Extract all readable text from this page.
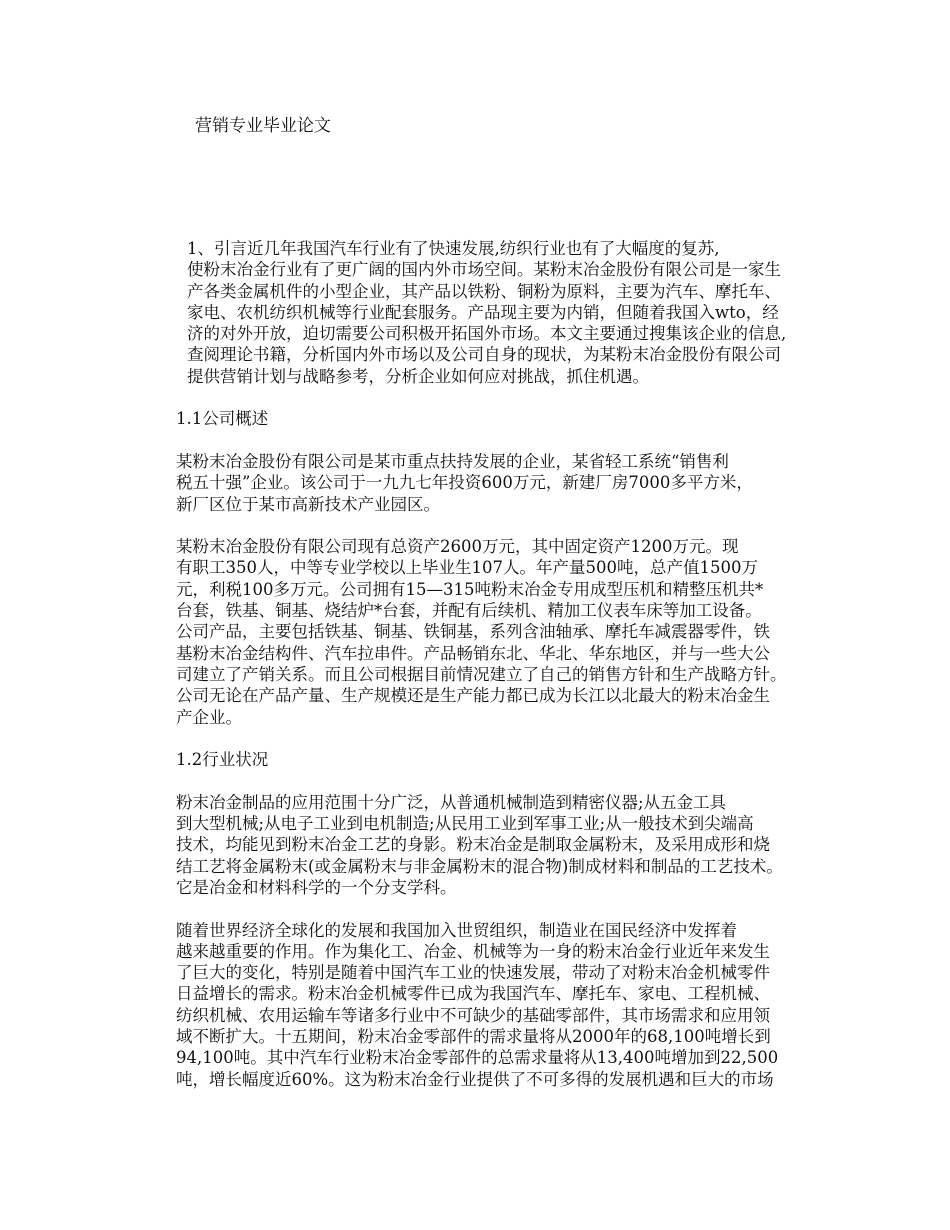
营销专业毕业论文

1、引言近几年我国汽车行业有了快速发展,纺织行业也有了大幅度的复苏,
使粉末冶金行业有了更广阔的国内外市场空间。某粉末冶金股份有限公司是一家生
产各类金属机件的小型企业，其产品以铁粉、铜粉为原料，主要为汽车、摩托车、
家电、农机纺织机械等行业配套服务。产品现主要为内销，但随着我国入wto，经
济的对外开放，迫切需要公司积极开拓国外市场。本文主要通过搜集该企业的信息,
查阅理论书籍，分析国内外市场以及公司自身的现状，为某粉末冶金股份有限公司
提供营销计划与战略参考，分析企业如何应对挑战，抓住机遇。

1.1公司概述

某粉末冶金股份有限公司是某市重点扶持发展的企业，某省轻工系统“销售利
税五十强”企业。该公司于一九九七年投资600万元，新建厂房7000多平方米，
新厂区位于某市高新技术产业园区。

某粉末冶金股份有限公司现有总资产2600万元，其中固定资产1200万元。现
有职工350人，中等专业学校以上毕业生107人。年产量500吨，总产值1500万
元，利税100多万元。公司拥有15—315吨粉末冶金专用成型压机和精整压机共*
台套，铁基、铜基、烧结炉*台套，并配有后续机、精加工仪表车床等加工设备。
公司产品，主要包括铁基、铜基、铁铜基，系列含油轴承、摩托车减震器零件，铁
基粉末冶金结构件、汽车拉串件。产品畅销东北、华北、华东地区，并与一些大公
司建立了产销关系。而且公司根据目前情况建立了自己的销售方针和生产战略方针。
公司无论在产品产量、生产规模还是生产能力都已成为长江以北最大的粉末冶金生
产企业。

1.2行业状况

粉末冶金制品的应用范围十分广泛，从普通机械制造到精密仪器;从五金工具
到大型机械;从电子工业到电机制造;从民用工业到军事工业;从一般技术到尖端高
技术，均能见到粉末冶金工艺的身影。粉末冶金是制取金属粉末，及采用成形和烧
结工艺将金属粉末(或金属粉末与非金属粉末的混合物)制成材料和制品的工艺技术。
它是冶金和材料科学的一个分支学科。

随着世界经济全球化的发展和我国加入世贸组织，制造业在国民经济中发挥着
越来越重要的作用。作为集化工、冶金、机械等为一身的粉末冶金行业近年来发生
了巨大的变化，特别是随着中国汽车工业的快速发展，带动了对粉末冶金机械零件
日益增长的需求。粉末冶金机械零件已成为我国汽车、摩托车、家电、工程机械、
纺织机械、农用运输车等诸多行业中不可缺少的基础零部件，其市场需求和应用领
域不断扩大。十五期间，粉末冶金零部件的需求量将从2000年的68,100吨增长到
94,100吨。其中汽车行业粉末冶金零部件的总需求量将从13,400吨增加到22,500
吨，增长幅度近60%。这为粉末冶金行业提供了不可多得的发展机遇和巨大的市场
